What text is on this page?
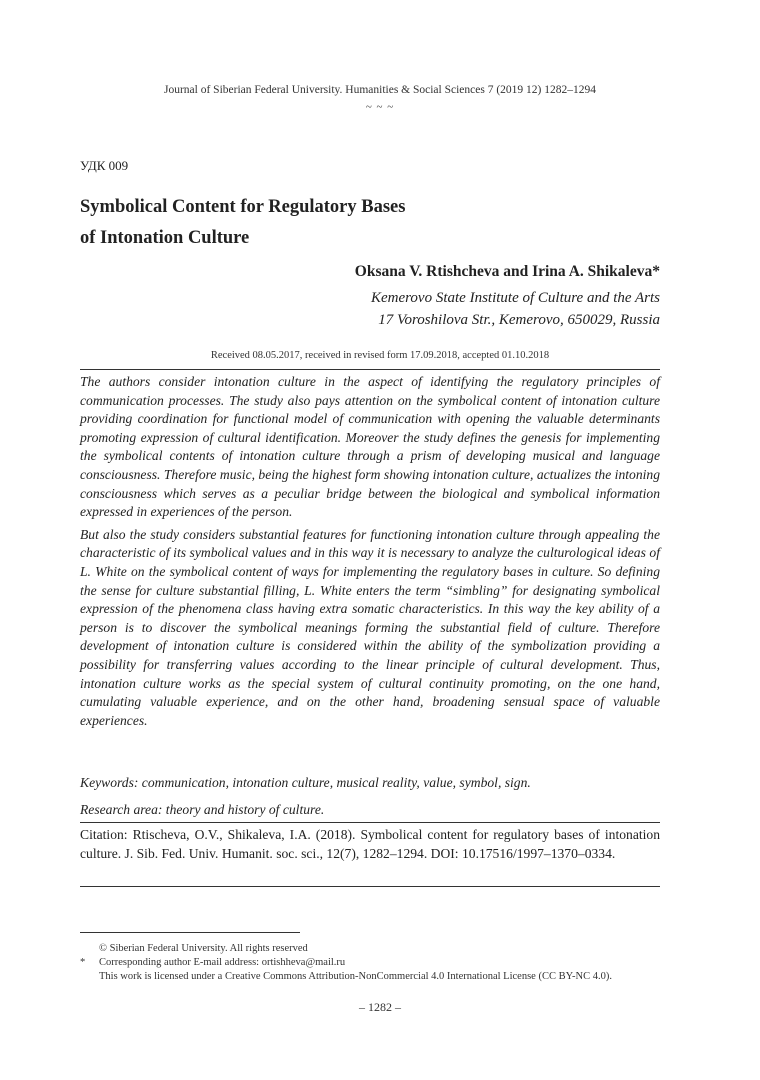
Journal of Siberian Federal University. Humanities & Social Sciences 7 (2019 12) 1282–1294
~ ~ ~
УДК 009
Symbolical Content for Regulatory Bases
of Intonation Culture
Oksana V. Rtishcheva and Irina A. Shikaleva*
Kemerovo State Institute of Culture and the Arts
17 Voroshilova Str., Kemerovo, 650029, Russia
Received 08.05.2017, received in revised form 17.09.2018, accepted 01.10.2018

The authors consider intonation culture in the aspect of identifying the regulatory principles of communication processes. The study also pays attention on the symbolical content of intonation culture providing coordination for functional model of communication with opening the valuable determinants promoting expression of cultural identification. Moreover the study defines the genesis for implementing the symbolical contents of intonation culture through a prism of developing musical and language consciousness. Therefore music, being the highest form showing intonation culture, actualizes the intoning consciousness which serves as a peculiar bridge between the biological and symbolical information expressed in experiences of the person.

But also the study considers substantial features for functioning intonation culture through appealing the characteristic of its symbolical values and in this way it is necessary to analyze the culturological ideas of L. White on the symbolical content of ways for implementing the regulatory bases in culture. So defining the sense for culture substantial filling, L. White enters the term “simbling” for designating symbolical expression of the phenomena class having extra somatic characteristics. In this way the key ability of a person is to discover the symbolical meanings forming the substantial field of culture. Therefore development of intonation culture is considered within the ability of the symbolization providing a possibility for transferring values according to the linear principle of cultural development. Thus, intonation culture works as the special system of cultural continuity promoting, on the one hand, cumulating valuable experience, and on the other hand, broadening sensual space of valuable experiences.

Keywords: communication, intonation culture, musical reality, value, symbol, sign.
Research area: theory and history of culture.
Citation: Rtischeva, O.V., Shikaleva, I.A. (2018). Symbolical content for regulatory bases of intonation culture. J. Sib. Fed. Univ. Humanit. soc. sci., 12(7), 1282–1294. DOI: 10.17516/1997–1370–0334.
© Siberian Federal University. All rights reserved
* Corresponding author E-mail address: ortishheva@mail.ru
This work is licensed under a Creative Commons Attribution-NonCommercial 4.0 International License (CC BY-NC 4.0).
– 1282 –
